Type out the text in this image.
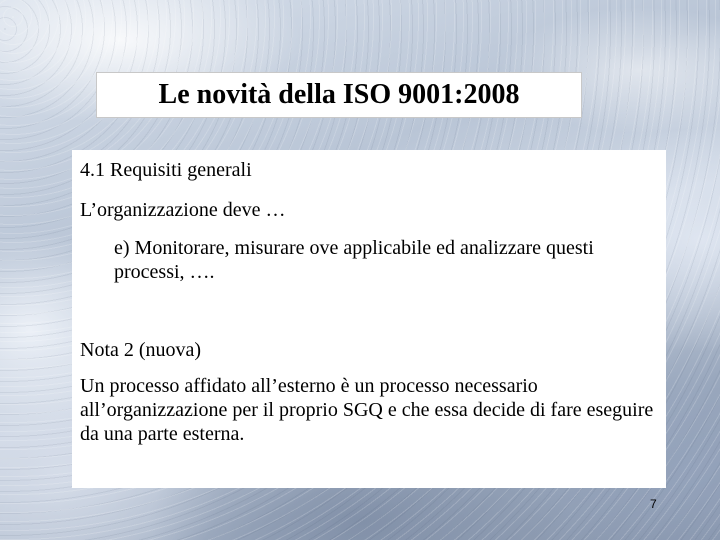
Le novità della ISO 9001:2008

4.1 Requisiti generali

L’organizzazione deve …

e) Monitorare, misurare ove applicabile ed analizzare questi processi, ….

Nota 2 (nuova)

Un processo affidato all’esterno è un processo necessario all’organizzazione per il proprio SGQ e che essa decide di fare eseguire da una parte esterna.

7
